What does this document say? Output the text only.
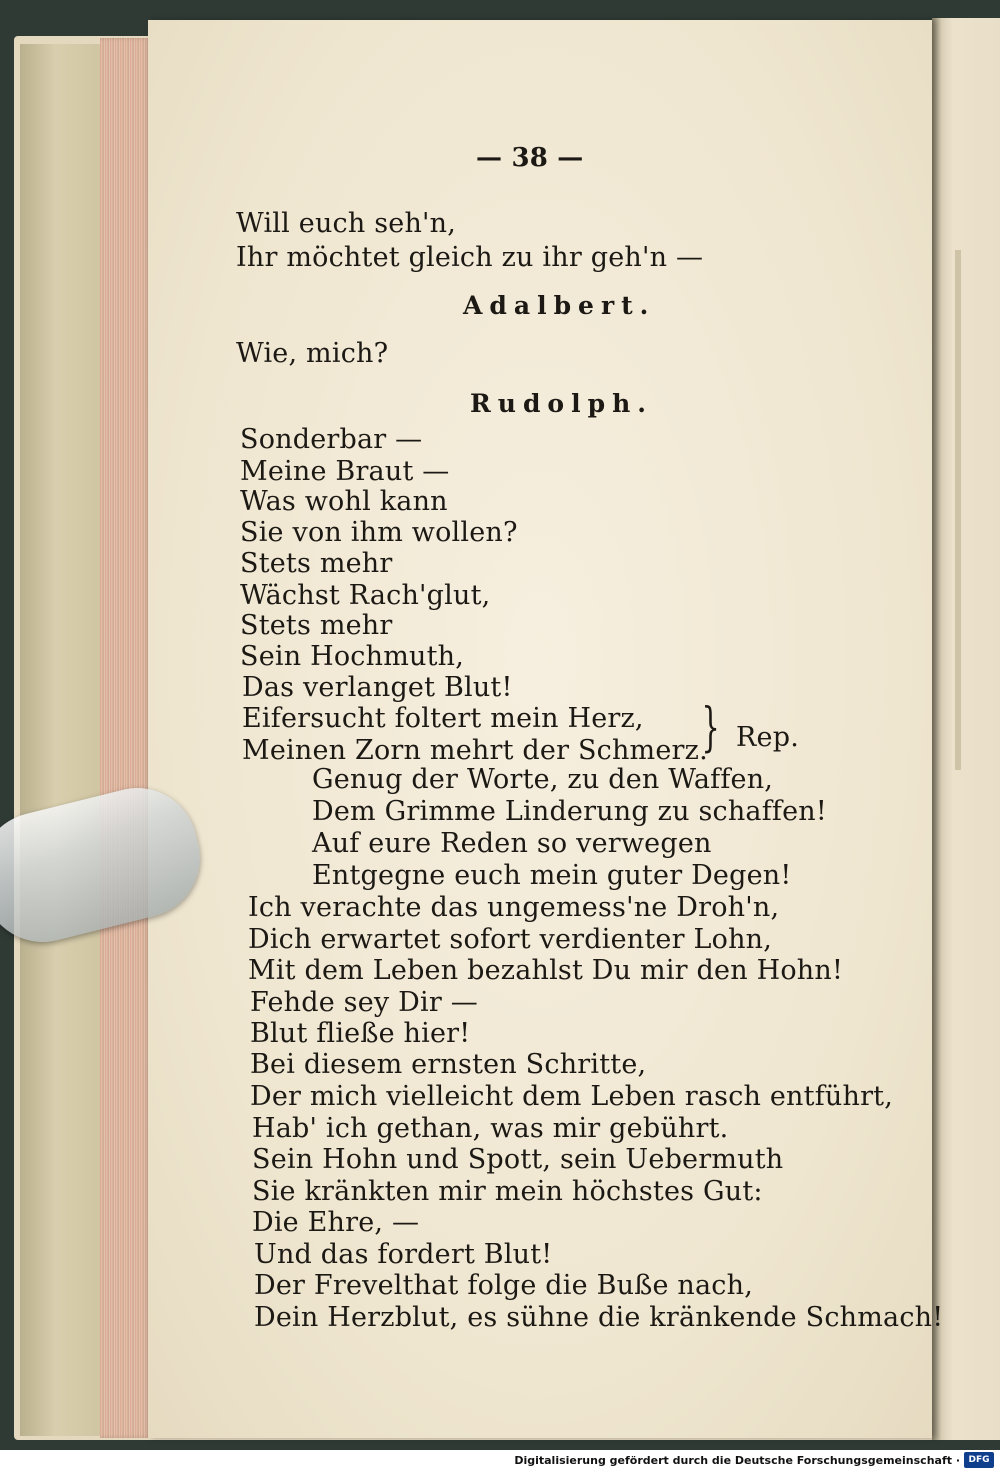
— 38 —
Will euch seh'n,
Ihr möchtet gleich zu ihr geh'n —
Adalbert.
Wie, mich?
Rudolph.
Sonderbar —
Meine Braut —
Was wohl kann
Sie von ihm wollen?
Stets mehr
Wächst Rach'glut,
Stets mehr
Sein Hochmuth,
Das verlanget Blut!
Eifersucht foltert mein Herz,
Meinen Zorn mehrt der Schmerz.
} Rep.
Genug der Worte, zu den Waffen,
Dem Grimme Linderung zu schaffen!
Auf eure Reden so verwegen
Entgegne euch mein guter Degen!
Ich verachte das ungemess'ne Droh'n,
Dich erwartet sofort verdienter Lohn,
Mit dem Leben bezahlst Du mir den Hohn!
Fehde sey Dir —
Blut fließe hier!
Bei diesem ernsten Schritte,
Der mich vielleicht dem Leben rasch entführt,
Hab' ich gethan, was mir gebührt.
Sein Hohn und Spott, sein Uebermuth
Sie kränkten mir mein höchstes Gut:
Die Ehre, —
Und das fordert Blut!
Der Frevelthat folge die Buße nach,
Dein Herzblut, es sühne die kränkende Schmach!
Digitalisierung gefördert durch die Deutsche Forschungsgemeinschaft · DFG
